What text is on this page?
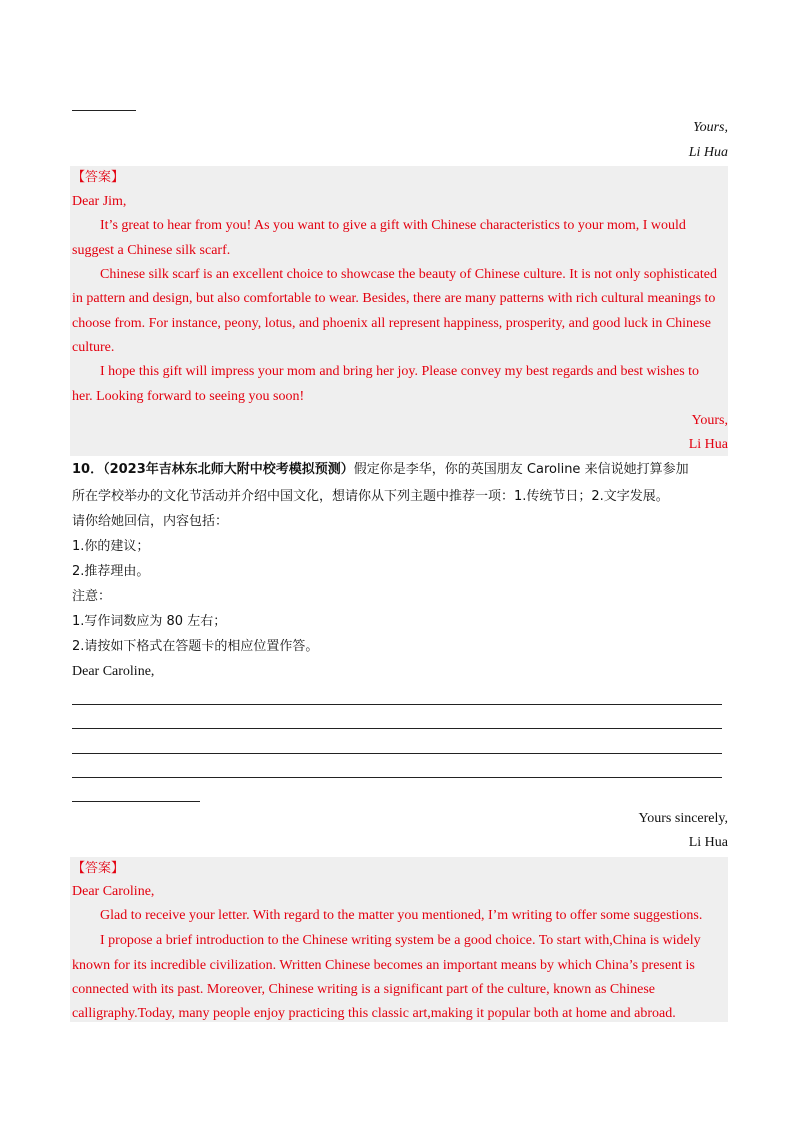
Yours,
Li Hua
【答案】
Dear Jim,
It’s great to hear from you! As you want to give a gift with Chinese characteristics to your mom, I would
suggest a Chinese silk scarf.
Chinese silk scarf is an excellent choice to showcase the beauty of Chinese culture. It is not only sophisticated
in pattern and design, but also comfortable to wear. Besides, there are many patterns with rich cultural meanings to
choose from. For instance, peony, lotus, and phoenix all represent happiness, prosperity, and good luck in Chinese
culture.
I hope this gift will impress your mom and bring her joy. Please convey my best regards and best wishes to
her. Looking forward to seeing you soon!
Yours,
Li Hua
10．（2023年吉林东北师大附中校考模拟预测）假定你是李华，你的英国朋友 Caroline 来信说她打算参加
所在学校举办的文化节活动并介绍中国文化，想请你从下列主题中推荐一项：1.传统节日；2.文字发展。
请你给她回信，内容包括：
1.你的建议；
2.推荐理由。
注意：
1.写作词数应为 80 左右；
2.请按如下格式在答题卡的相应位置作答。
Dear Caroline,
Yours sincerely,
Li Hua
【答案】
Dear Caroline,
Glad to receive your letter. With regard to the matter you mentioned, I’m writing to offer some suggestions.
I propose a brief introduction to the Chinese writing system be a good choice. To start with,China is widely
known for its incredible civilization. Written Chinese becomes an important means by which China’s present is
connected with its past. Moreover, Chinese writing is a significant part of the culture, known as Chinese
calligraphy.Today, many people enjoy practicing this classic art,making it popular both at home and abroad.
